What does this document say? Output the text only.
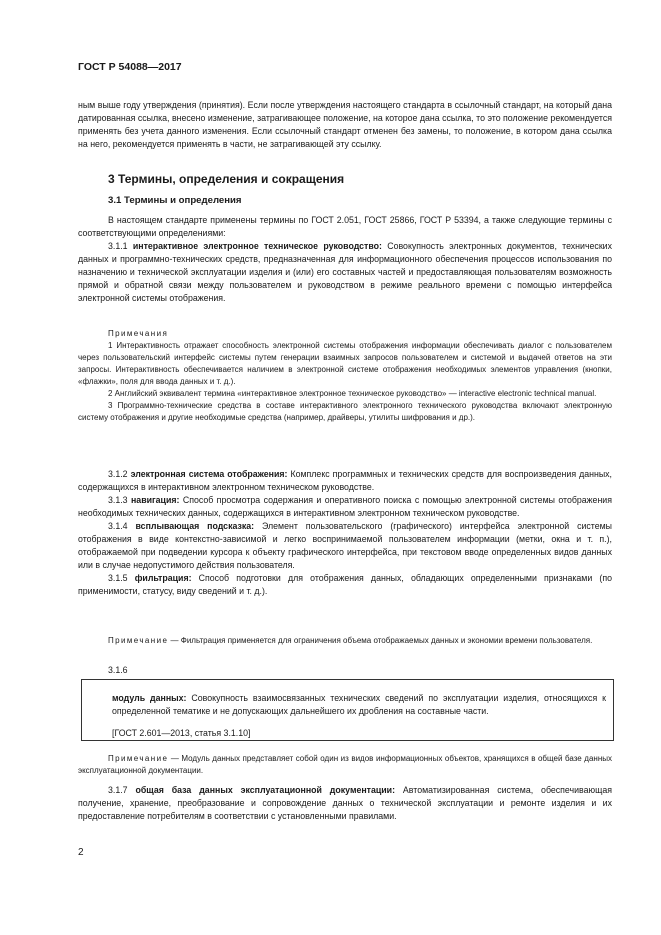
ГОСТ Р 54088—2017

ным выше году утверждения (принятия). Если после утверждения настоящего стандарта в ссылочный стандарт, на который дана датированная ссылка, внесено изменение, затрагивающее положение, на которое дана ссылка, то это положение рекомендуется применять без учета данного изменения. Если ссылочный стандарт отменен без замены, то положение, в котором дана ссылка на него, рекомендуется применять в части, не затрагивающей эту ссылку.

3 Термины, определения и сокращения
3.1 Термины и определения

В настоящем стандарте применены термины по ГОСТ 2.051, ГОСТ 25866, ГОСТ Р 53394, а также следующие термины с соответствующими определениями:

3.1.1 интерактивное электронное техническое руководство: Совокупность электронных документов, технических данных и программно-технических средств, предназначенная для информационного обеспечения процессов использования по назначению и технической эксплуатации изделия и (или) его составных частей и предоставляющая пользователям возможность прямой и обратной связи между пользователем и руководством в режиме реального времени с помощью интерфейса электронной системы отображения.

Примечания

1 Интерактивность отражает способность электронной системы отображения информации обеспечивать диалог с пользователем через пользовательский интерфейс системы путем генерации взаимных запросов пользователем и системой и выдачей ответов на эти запросы. Интерактивность обеспечивается наличием в электронной системе отображения необходимых элементов управления (кнопки, «флажки», поля для ввода данных и т. д.).

2 Английский эквивалент термина «интерактивное электронное техническое руководство» — interactive electronic technical manual.

3 Программно-технические средства в составе интерактивного электронного технического руководства включают электронную систему отображения и другие необходимые средства (например, драйверы, утилиты шифрования и др.).

3.1.2 электронная система отображения: Комплекс программных и технических средств для воспроизведения данных, содержащихся в интерактивном электронном техническом руководстве.

3.1.3 навигация: Способ просмотра содержания и оперативного поиска с помощью электронной системы отображения необходимых технических данных, содержащихся в интерактивном электронном техническом руководстве.

3.1.4 всплывающая подсказка: Элемент пользовательского (графического) интерфейса электронной системы отображения в виде контекстно-зависимой и легко воспринимаемой пользователем информации (метки, окна и т. п.), отображаемой при подведении курсора к объекту графического интерфейса, при текстовом вводе определенных видов данных или в случае недопустимого действия пользователя.

3.1.5 фильтрация: Способ подготовки для отображения данных, обладающих определенными признаками (по применимости, статусу, виду сведений и т. д.).

Примечание — Фильтрация применяется для ограничения объема отображаемых данных и экономии времени пользователя.

3.1.6

модуль данных: Совокупность взаимосвязанных технических сведений по эксплуатации изделия, относящихся к определенной тематике и не допускающих дальнейшего их дробления на составные части.

[ГОСТ 2.601—2013, статья 3.1.10]

Примечание — Модуль данных представляет собой один из видов информационных объектов, хранящихся в общей базе данных эксплуатационной документации.

3.1.7 общая база данных эксплуатационной документации: Автоматизированная система, обеспечивающая получение, хранение, преобразование и сопровождение данных о технической эксплуатации и ремонте изделия и их предоставление потребителям в соответствии с установленными правилами.

2
